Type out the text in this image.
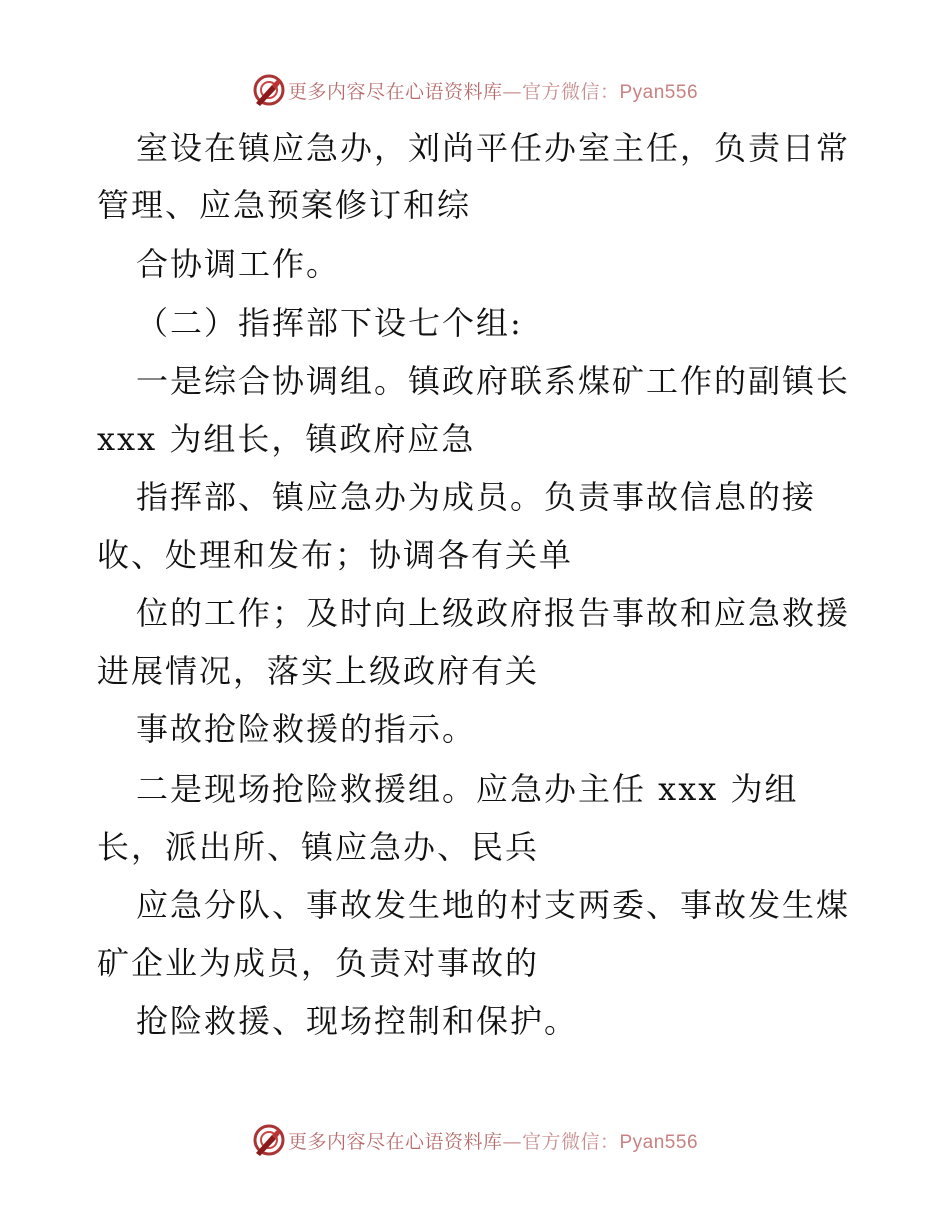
更多内容尽在心语资料库—官方微信：Pyan556
室设在镇应急办，刘尚平任办室主任，负责日常
管理、应急预案修订和综
合协调工作。
（二）指挥部下设七个组:
一是综合协调组。镇政府联系煤矿工作的副镇长
xxx 为组长，镇政府应急
指挥部、镇应急办为成员。负责事故信息的接
收、处理和发布；协调各有关单
位的工作；及时向上级政府报告事故和应急救援
进展情况，落实上级政府有关
事故抢险救援的指示。
二是现场抢险救援组。应急办主任 xxx 为组
长，派出所、镇应急办、民兵
应急分队、事故发生地的村支两委、事故发生煤
矿企业为成员，负责对事故的
抢险救援、现场控制和保护。
更多内容尽在心语资料库—官方微信：Pyan556
